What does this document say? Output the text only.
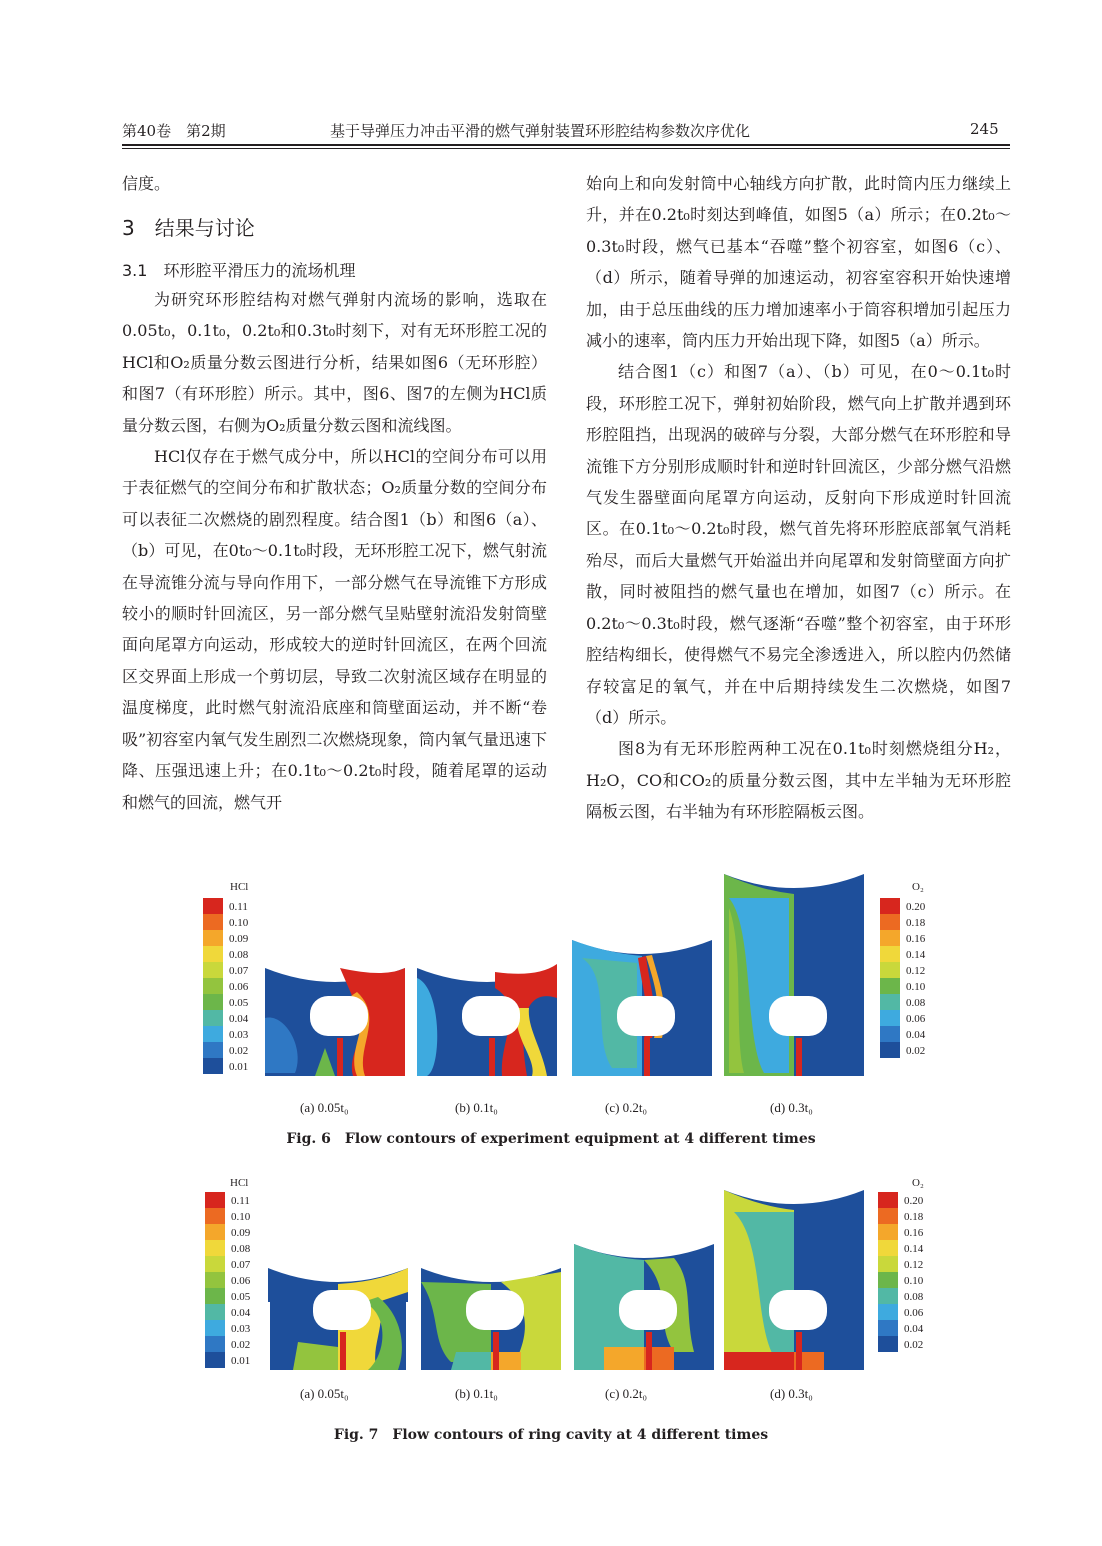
第40卷　第2期	基于导弹压力冲击平滑的燃气弹射装置环形腔结构参数次序优化	245

信度。

3　结果与讨论
3.1　环形腔平滑压力的流场机理

为研究环形腔结构对燃气弹射内流场的影响，选取在0.05t₀，0.1t₀，0.2t₀和0.3t₀时刻下，对有无环形腔工况的HCl和O₂质量分数云图进行分析，结果如图6（无环形腔）和图7（有环形腔）所示。其中，图6、图7的左侧为HCl质量分数云图，右侧为O₂质量分数云图和流线图。

HCl仅存在于燃气成分中，所以HCl的空间分布可以用于表征燃气的空间分布和扩散状态；O₂质量分数的空间分布可以表征二次燃烧的剧烈程度。结合图1（b）和图6（a）、（b）可见，在0t₀～0.1t₀时段，无环形腔工况下，燃气射流在导流锥分流与导向作用下，一部分燃气在导流锥下方形成较小的顺时针回流区，另一部分燃气呈贴壁射流沿发射筒壁面向尾罩方向运动，形成较大的逆时针回流区，在两个回流区交界面上形成一个剪切层，导致二次射流区域存在明显的温度梯度，此时燃气射流沿底座和筒壁面运动，并不断“卷吸”初容室内氧气发生剧烈二次燃烧现象，筒内氧气量迅速下降、压强迅速上升；在0.1t₀～0.2t₀时段，随着尾罩的运动和燃气的回流，燃气开

始向上和向发射筒中心轴线方向扩散，此时筒内压力继续上升，并在0.2t₀时刻达到峰值，如图5（a）所示；在0.2t₀～0.3t₀时段，燃气已基本“吞噬”整个初容室，如图6（c）、（d）所示，随着导弹的加速运动，初容室容积开始快速增加，由于总压曲线的压力增加速率小于筒容积增加引起压力减小的速率，筒内压力开始出现下降，如图5（a）所示。

结合图1（c）和图7（a）、（b）可见，在0～0.1t₀时段，环形腔工况下，弹射初始阶段，燃气向上扩散并遇到环形腔阻挡，出现涡的破碎与分裂，大部分燃气在环形腔和导流锥下方分别形成顺时针和逆时针回流区，少部分燃气沿燃气发生器壁面向尾罩方向运动，反射向下形成逆时针回流区。在0.1t₀～0.2t₀时段，燃气首先将环形腔底部氧气消耗殆尽，而后大量燃气开始溢出并向尾罩和发射筒壁面方向扩散，同时被阻挡的燃气量也在增加，如图7（c）所示。在0.2t₀～0.3t₀时段，燃气逐渐“吞噬”整个初容室，由于环形腔结构细长，使得燃气不易完全渗透进入，所以腔内仍然储存较富足的氧气，并在中后期持续发生二次燃烧，如图7（d）所示。

图8为有无环形腔两种工况在0.1t₀时刻燃烧组分H₂，H₂O，CO和CO₂的质量分数云图，其中左半轴为无环形腔隔板云图，右半轴为有环形腔隔板云图。

HCl
0.11
0.10
0.09
0.08
0.07
0.06
0.05
0.04
0.03
0.02
0.01
O₂
0.20
0.18
0.16
0.14
0.12
0.10
0.08
0.06
0.04
0.02
(a) 0.05t₀	(b) 0.1t₀	(c) 0.2t₀	(d) 0.3t₀
Fig. 6　Flow contours of experiment equipment at 4 different times
HCl
0.11
0.10
0.09
0.08
0.07
0.06
0.05
0.04
0.03
0.02
0.01
O₂
0.20
0.18
0.16
0.14
0.12
0.10
0.08
0.06
0.04
0.02
(a) 0.05t₀	(b) 0.1t₀	(c) 0.2t₀	(d) 0.3t₀
Fig. 7　Flow contours of ring cavity at 4 different times
